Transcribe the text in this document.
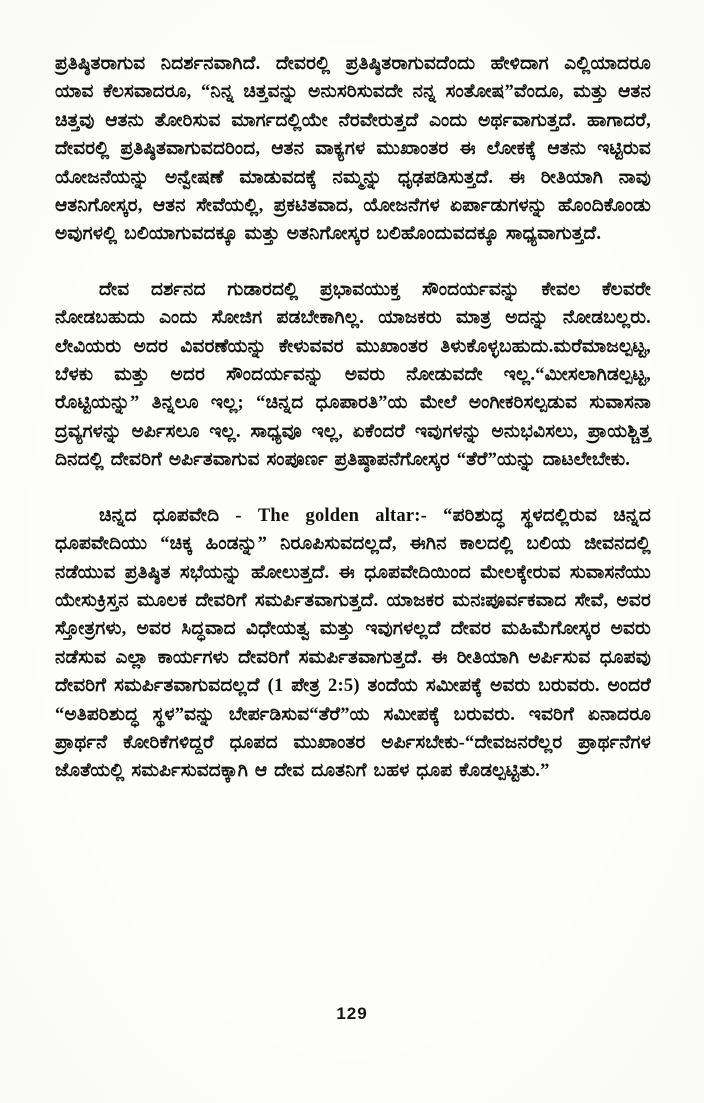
ಪ್ರತಿಷ್ಠಿತರಾಗುವ ನಿದರ್ಶನವಾಗಿದೆ. ದೇವರಲ್ಲಿ ಪ್ರತಿಷ್ಠಿತರಾಗುವದೆಂದು ಹೇಳಿದಾಗ ಎಲ್ಲಿಯಾದರೂ ಯಾವ ಕೆಲಸವಾದರೂ, “ನಿನ್ನ ಚಿತ್ತವನ್ನು ಅನುಸರಿಸುವದೇ ನನ್ನ ಸಂತೋಷ”ವೆಂದೂ, ಮತ್ತು ಆತನ ಚಿತ್ತವು ಆತನು ತೋರಿಸುವ ಮಾರ್ಗದಲ್ಲಿಯೇ ನೆರವೇರುತ್ತದೆ ಎಂದು ಅರ್ಥವಾಗುತ್ತದೆ. ಹಾಗಾದರೆ, ದೇವರಲ್ಲಿ ಪ್ರತಿಷ್ಠಿತವಾಗುವದರಿಂದ, ಆತನ ವಾಕ್ಯಗಳ ಮುಖಾಂತರ ಈ ಲೋಕಕ್ಕೆ ಆತನು ಇಟ್ಟಿರುವ ಯೋಜನೆಯನ್ನು ಅನ್ವೇಷಣೆ ಮಾಡುವದಕ್ಕೆ ನಮ್ಮನ್ನು ಧೃಢಪಡಿಸುತ್ತದೆ. ಈ ರೀತಿಯಾಗಿ ನಾವು ಆತನಿಗೋಸ್ಕರ, ಆತನ ಸೇವೆಯಲ್ಲಿ, ಪ್ರಕಟಿತವಾದ, ಯೋಜನೆಗಳ ಏರ್ಪಾಡುಗಳನ್ನು ಹೊಂದಿಕೊಂಡು ಅವುಗಳಲ್ಲಿ ಬಲಿಯಾಗುವದಕ್ಕೂ ಮತ್ತು ಅತನಿಗೋಸ್ಕರ ಬಲಿಹೊಂದುವದಕ್ಕೂ ಸಾಧ್ಯವಾಗುತ್ತದೆ.

ದೇವ ದರ್ಶನದ ಗುಡಾರದಲ್ಲಿ ಪ್ರಭಾವಯುಕ್ತ ಸೌಂದರ್ಯವನ್ನು ಕೇವಲ ಕೆಲವರೇ ನೋಡಬಹುದು ಎಂದು ಸೋಜಿಗ ಪಡಬೇಕಾಗಿಲ್ಲ. ಯಾಜಕರು ಮಾತ್ರ ಅದನ್ನು ನೋಡಬಲ್ಲರು. ಲೇವಿಯರು ಅದರ ವಿವರಣೆಯನ್ನು ಕೇಳುವವರ ಮುಖಾಂತರ ತಿಳುಕೊಳ್ಳಬಹುದು.ಮರೆಮಾಜಲ್ಪಟ್ಟ, ಬೆಳಕು ಮತ್ತು ಅದರ ಸೌಂದರ್ಯವನ್ನು ಅವರು ನೋಡುವದೇ ಇಲ್ಲ.“ಮೀಸಲಾಗಿಡಲ್ಪಟ್ಟ, ರೊಟ್ಟಿಯನ್ನು” ತಿನ್ನಲೂ ಇಲ್ಲ; “ಚಿನ್ನದ ಧೂಪಾರತಿ”ಯ ಮೇಲೆ ಅಂಗೀಕರಿಸಲ್ಪಡುವ ಸುವಾಸನಾ ದ್ರವ್ಯಗಳನ್ನು ಅರ್ಪಿಸಲೂ ಇಲ್ಲ. ಸಾಧ್ಯವೂ ಇಲ್ಲ, ಏಕೆಂದರೆ ಇವುಗಳನ್ನು ಅನುಭವಿಸಲು, ಪ್ರಾಯಶ್ಚಿತ್ತ ದಿನದಲ್ಲಿ ದೇವರಿಗೆ ಅರ್ಪಿತವಾಗುವ ಸಂಪೂರ್ಣ ಪ್ರತಿಷ್ಠಾಪನೆಗೋಸ್ಕರ “ತೆರೆ”ಯನ್ನು ದಾಟಲೇಬೇಕು.

ಚಿನ್ನದ ಧೂಪವೇದಿ - The golden altar:- “ಪರಿಶುದ್ಧ ಸ್ಥಳದಲ್ಲಿರುವ ಚಿನ್ನದ ಧೂಪವೇದಿಯು “ಚಿಕ್ಕ ಹಿಂಡನ್ನು” ನಿರೂಪಿಸುವದಲ್ಲದೆ, ಈಗಿನ ಕಾಲದಲ್ಲಿ ಬಲಿಯ ಜೀವನದಲ್ಲಿ ನಡೆಯುವ ಪ್ರತಿಷ್ಠಿತ ಸಭೆಯನ್ನು ಹೋಲುತ್ತದೆ. ಈ ಧೂಪವೇದಿಯಿಂದ ಮೇಲಕ್ಕೇರುವ ಸುವಾಸನೆಯು ಯೇಸುಕ್ರಿಸ್ತನ ಮೂಲಕ ದೇವರಿಗೆ ಸಮರ್ಪಿತವಾಗುತ್ತದೆ. ಯಾಜಕರ ಮನಃಪೂರ್ವಕವಾದ ಸೇವೆ, ಅವರ ಸ್ತೋತ್ರಗಳು, ಅವರ ಸಿದ್ಧವಾದ ವಿಧೇಯತ್ವ ಮತ್ತು ಇವುಗಳಲ್ಲದೆ ದೇವರ ಮಹಿಮೆಗೋಸ್ಕರ ಅವರು ನಡೆಸುವ ಎಲ್ಲಾ ಕಾರ್ಯಗಳು ದೇವರಿಗೆ ಸಮರ್ಪಿತವಾಗುತ್ತದೆ. ಈ ರೀತಿಯಾಗಿ ಅರ್ಪಿಸುವ ಧೂಪವು ದೇವರಿಗೆ ಸಮರ್ಪಿತವಾಗುವದಲ್ಲದೆ (1 ಪೇತ್ರ 2:5) ತಂದೆಯ ಸಮೀಪಕ್ಕೆ ಅವರು ಬರುವರು. ಅಂದರೆ “ಅತಿಪರಿಶುದ್ಧ ಸ್ಥಳ”ವನ್ನು ಬೇರ್ಪಡಿಸುವ“ತೆರೆ”ಯ ಸಮೀಪಕ್ಕೆ ಬರುವರು. ಇವರಿಗೆ ಏನಾದರೂ ಪ್ರಾರ್ಥನೆ ಕೋರಿಕೆಗಳಿದ್ದರೆ ಧೂಪದ ಮುಖಾಂತರ ಅರ್ಪಿಸಬೇಕು-“ದೇವಜನರೆಲ್ಲರ ಪ್ರಾರ್ಥನೆಗಳ ಜೊತೆಯಲ್ಲಿ ಸಮರ್ಪಿಸುವದಕ್ಕಾಗಿ ಆ ದೇವ ದೂತನಿಗೆ ಬಹಳ ಧೂಪ ಕೊಡಲ್ಪಟ್ಟಿತು.”

129
